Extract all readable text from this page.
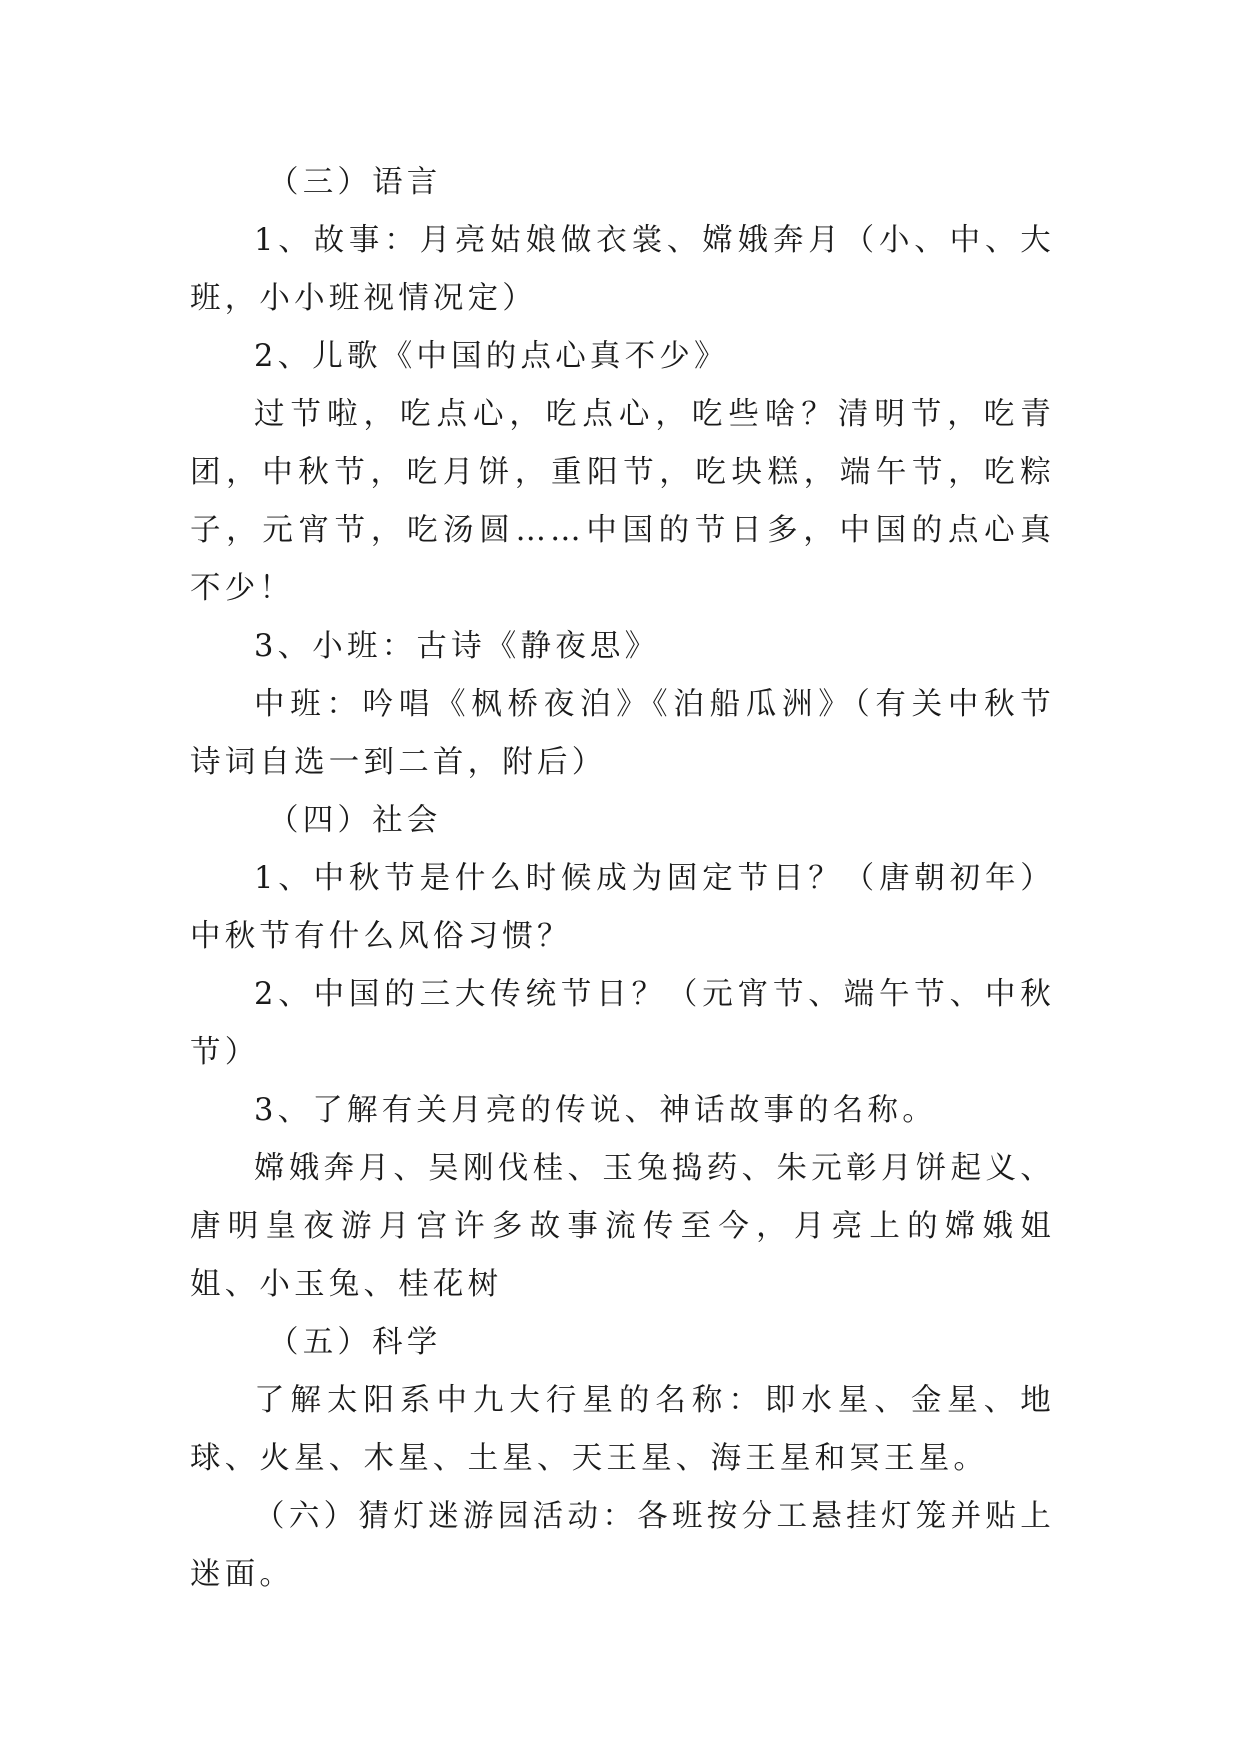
（三）语言

1、故事：月亮姑娘做衣裳、嫦娥奔月（小、中、大班，小小班视情况定）

2、儿歌《中国的点心真不少》

过节啦，吃点心，吃点心，吃些啥？清明节，吃青团，中秋节，吃月饼，重阳节，吃块糕，端午节，吃粽子，元宵节，吃汤圆……中国的节日多，中国的点心真不少！

3、小班：古诗《静夜思》

中班：吟唱《枫桥夜泊》《泊船瓜洲》（有关中秋节诗词自选一到二首，附后）

（四）社会

1、中秋节是什么时候成为固定节日？（唐朝初年）中秋节有什么风俗习惯？

2、中国的三大传统节日？（元宵节、端午节、中秋节）

3、了解有关月亮的传说、神话故事的名称。

嫦娥奔月、吴刚伐桂、玉兔捣药、朱元彰月饼起义、唐明皇夜游月宫许多故事流传至今，月亮上的嫦娥姐姐、小玉兔、桂花树

（五）科学

了解太阳系中九大行星的名称：即水星、金星、地球、火星、木星、土星、天王星、海王星和冥王星。

（六）猜灯迷游园活动：各班按分工悬挂灯笼并贴上迷面。
